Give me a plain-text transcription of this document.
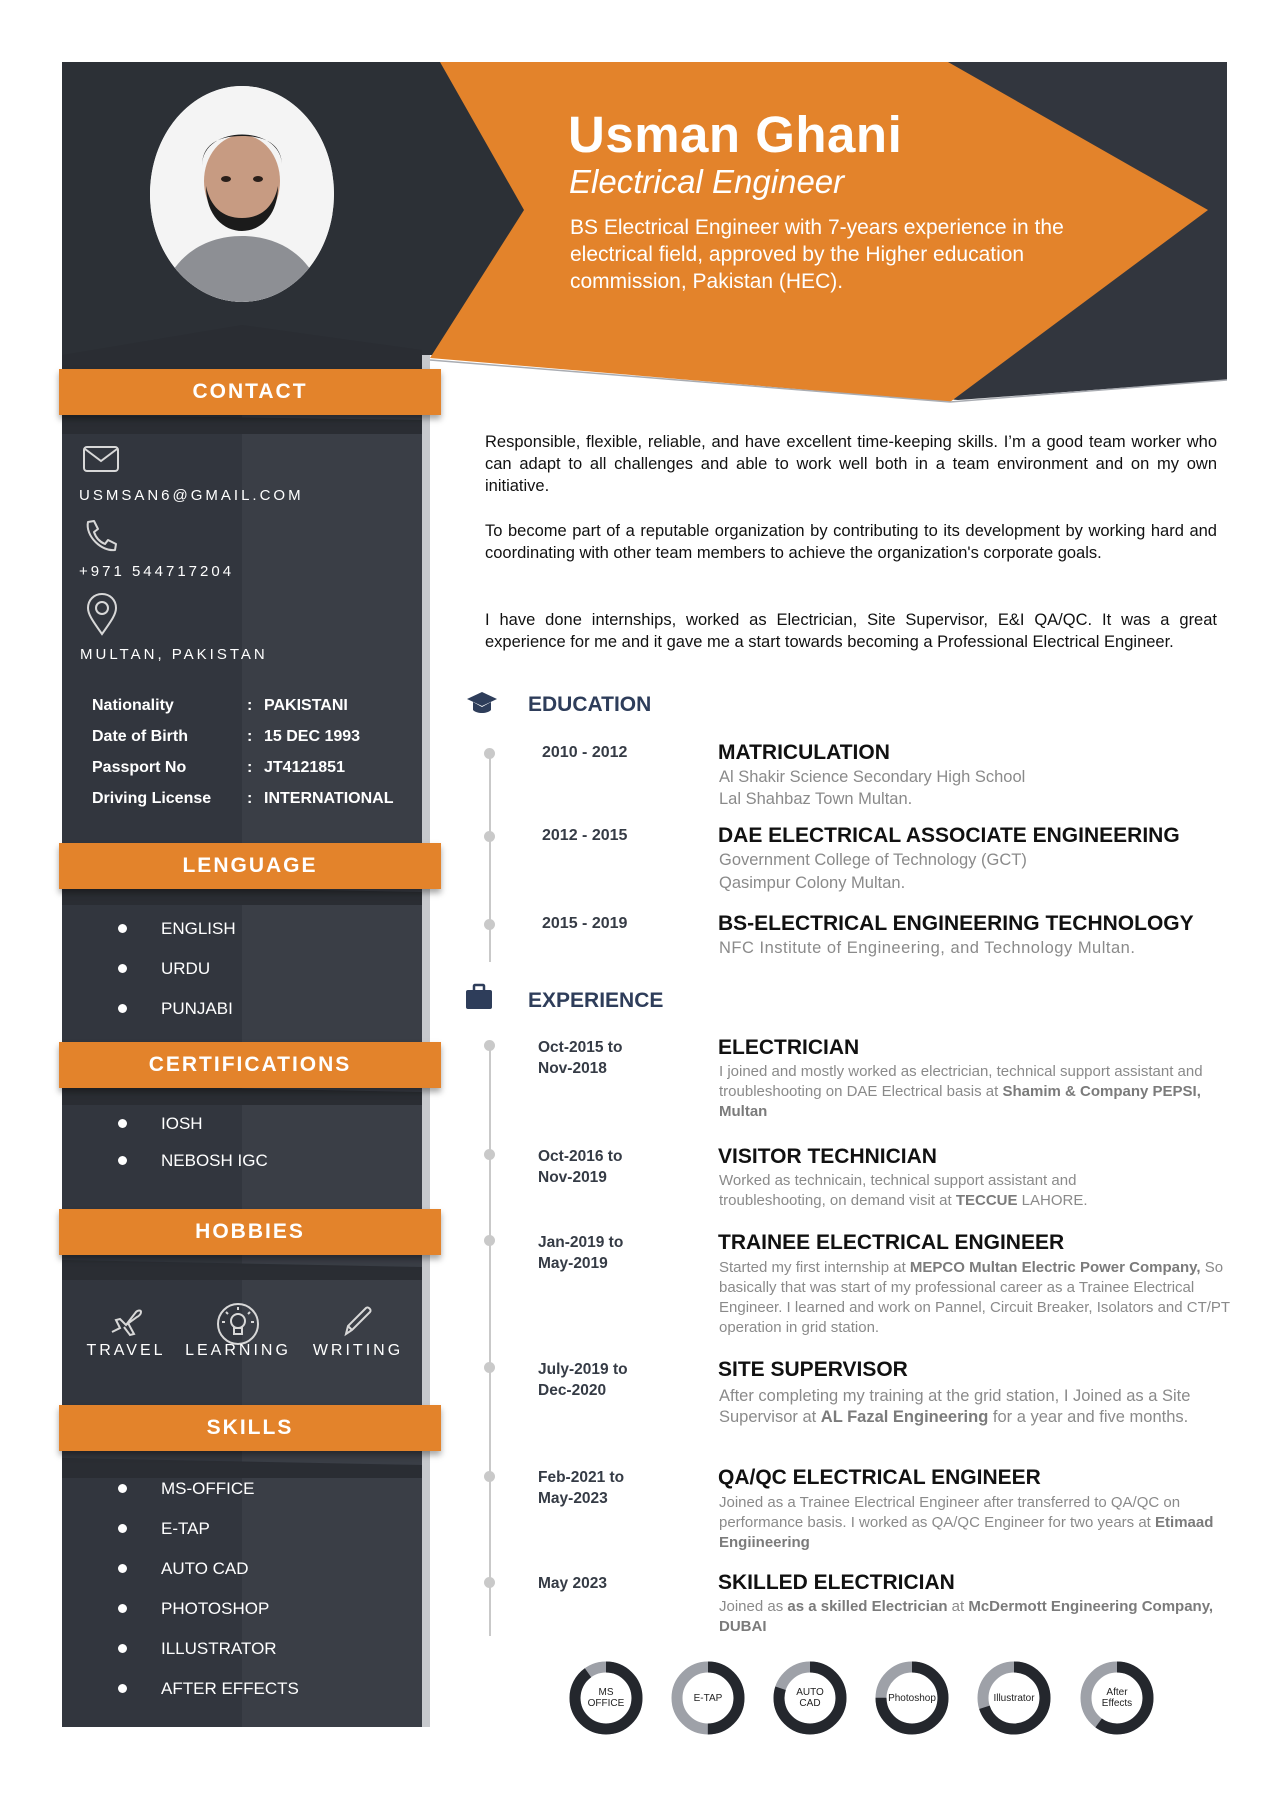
Usman Ghani
Electrical Engineer
BS Electrical Engineer with 7-years experience in the electrical field, approved by the Higher education commission, Pakistan (HEC).
CONTACT
USMSAN6@GMAIL.COM
+971 544717204
MULTAN, PAKISTAN
Nationality	: PAKISTANI
Date of Birth	: 15 DEC 1993
Passport No	: JT4121851
Driving License	: INTERNATIONAL
LENGUAGE
ENGLISH
URDU
PUNJABI
CERTIFICATIONS
IOSH
NEBOSH IGC
HOBBIES
TRAVEL	LEARNING	WRITING
SKILLS
MS-OFFICE
E-TAP
AUTO CAD
PHOTOSHOP
ILLUSTRATOR
AFTER EFFECTS
Responsible, flexible, reliable, and have excellent time-keeping skills. I’m a good team worker who can adapt to all challenges and able to work well both in a team environment and on my own initiative.
To become part of a reputable organization by contributing to its development by working hard and coordinating with other team members to achieve the organization's corporate goals.
I have done internships, worked as Electrician, Site Supervisor, E&I QA/QC. It was a great experience for me and it gave me a start towards becoming a Professional Electrical Engineer.
EDUCATION
2010 - 2012	MATRICULATION
Al Shakir Science Secondary High School
Lal Shahbaz Town Multan.
2012 - 2015	DAE ELECTRICAL ASSOCIATE ENGINEERING
Government College of Technology (GCT)
Qasimpur Colony Multan.
2015 - 2019	BS-ELECTRICAL ENGINEERING TECHNOLOGY
NFC Institute of Engineering, and Technology Multan.
EXPERIENCE
Oct-2015 to
Nov-2018
ELECTRICIAN
I joined and mostly worked as electrician, technical support assistant and troubleshooting on DAE Electrical basis at Shamim & Company PEPSI, Multan
Oct-2016 to
Nov-2019
VISITOR TECHNICIAN
Worked as technicain, technical support assistant and troubleshooting, on demand visit at TECCUE LAHORE.
Jan-2019 to
May-2019
TRAINEE ELECTRICAL ENGINEER
Started my first internship at MEPCO Multan Electric Power Company, So basically that was start of my professional career as a Trainee Electrical Engineer. I learned and work on Pannel, Circuit Breaker, Isolators and CT/PT operation in grid station.
July-2019 to
Dec-2020
SITE SUPERVISOR
After completing my training at the grid station, I Joined as a Site Supervisor at AL Fazal Engineering for a year and five months.
Feb-2021 to
May-2023
QA/QC ELECTRICAL ENGINEER
Joined as a Trainee Electrical Engineer after transferred to QA/QC on performance basis. I worked as QA/QC Engineer for two years at Etimaad Engiineering
May 2023	SKILLED ELECTRICIAN
Joined as as a skilled Electrician at McDermott Engineering Company, DUBAI
MS
OFFICE	E-TAP	AUTO
CAD	Photoshop	Illustrator	After
Effects
